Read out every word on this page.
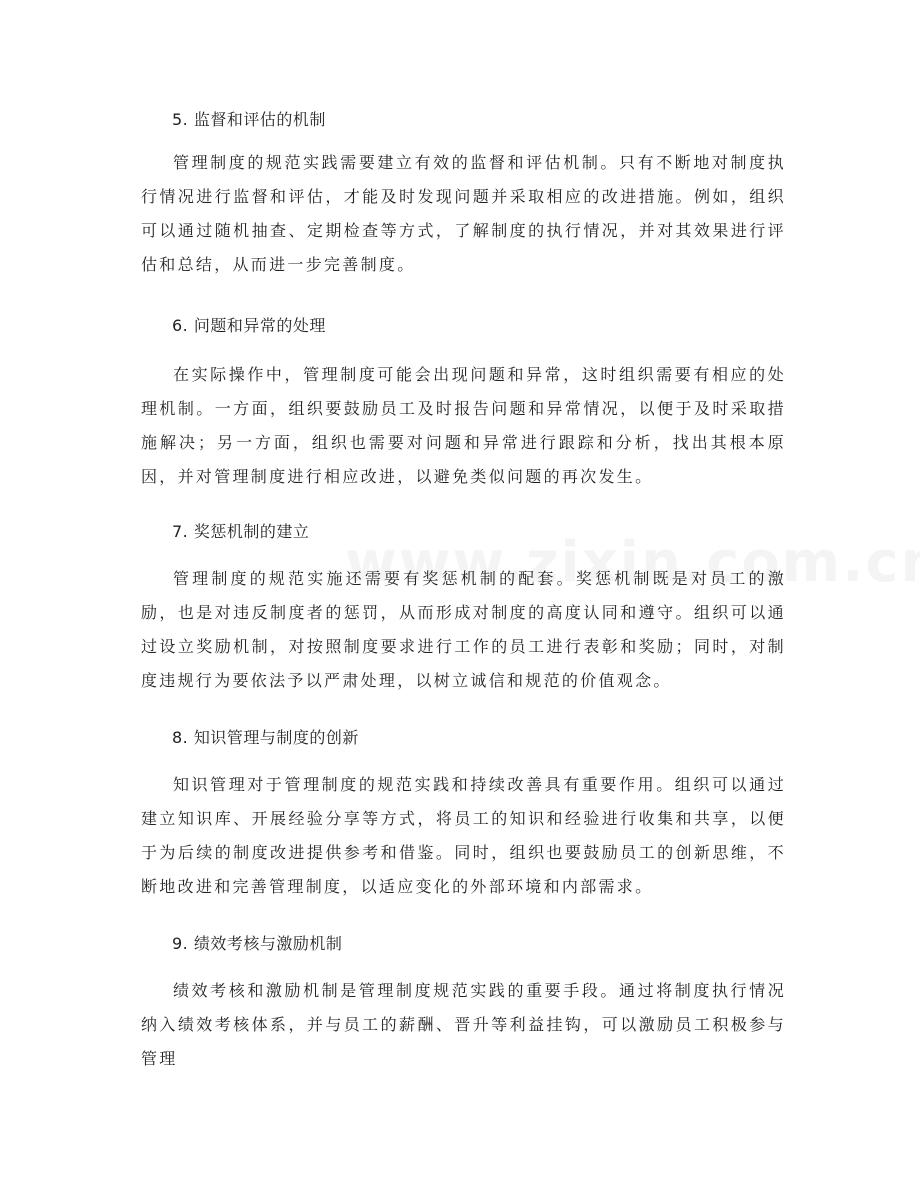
5. 监督和评估的机制

管理制度的规范实践需要建立有效的监督和评估机制。只有不断地对制度执行情况进行监督和评估，才能及时发现问题并采取相应的改进措施。例如，组织可以通过随机抽查、定期检查等方式，了解制度的执行情况，并对其效果进行评估和总结，从而进一步完善制度。

6. 问题和异常的处理

在实际操作中，管理制度可能会出现问题和异常，这时组织需要有相应的处理机制。一方面，组织要鼓励员工及时报告问题和异常情况，以便于及时采取措施解决；另一方面，组织也需要对问题和异常进行跟踪和分析，找出其根本原因，并对管理制度进行相应改进，以避免类似问题的再次发生。

7. 奖惩机制的建立

管理制度的规范实施还需要有奖惩机制的配套。奖惩机制既是对员工的激励，也是对违反制度者的惩罚，从而形成对制度的高度认同和遵守。组织可以通过设立奖励机制，对按照制度要求进行工作的员工进行表彰和奖励；同时，对制度违规行为要依法予以严肃处理，以树立诚信和规范的价值观念。

8. 知识管理与制度的创新

知识管理对于管理制度的规范实践和持续改善具有重要作用。组织可以通过建立知识库、开展经验分享等方式，将员工的知识和经验进行收集和共享，以便于为后续的制度改进提供参考和借鉴。同时，组织也要鼓励员工的创新思维，不断地改进和完善管理制度，以适应变化的外部环境和内部需求。

9. 绩效考核与激励机制

绩效考核和激励机制是管理制度规范实践的重要手段。通过将制度执行情况纳入绩效考核体系，并与员工的薪酬、晋升等利益挂钩，可以激励员工积极参与管理
